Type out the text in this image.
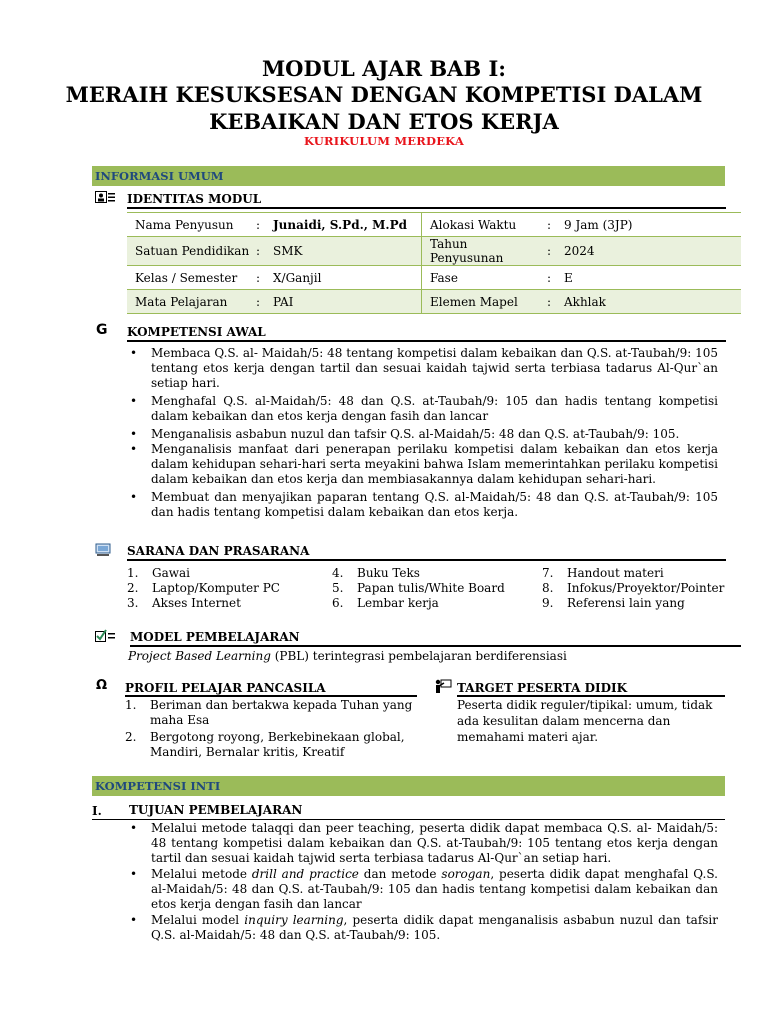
MODUL AJAR BAB I:
MERAIH KESUKSESAN DENGAN KOMPETISI DALAM
KEBAIKAN DAN ETOS KERJA
KURIKULUM MERDEKA
INFORMASI UMUM
IDENTITAS MODUL
Nama Penyusun	:	Junaidi, S.Pd., M.Pd	Alokasi Waktu	:	9 Jam (3JP)
Satuan Pendidikan	:	SMK	Tahun Penyusunan	:	2024
Kelas / Semester	:	X/Ganjil	Fase	:	E
Mata Pelajaran	:	PAI	Elemen Mapel	:	Akhlak
G KOMPETENSI AWAL
• Membaca Q.S. al- Maidah/5: 48 tentang kompetisi dalam kebaikan dan Q.S. at-Taubah/9: 105 tentang etos kerja dengan tartil dan sesuai kaidah tajwid serta terbiasa tadarus Al-Qur`an setiap hari.
• Menghafal Q.S. al-Maidah/5: 48 dan Q.S. at-Taubah/9: 105 dan hadis tentang kompetisi dalam kebaikan dan etos kerja dengan fasih dan lancar
• Menganalisis asbabun nuzul dan tafsir Q.S. al-Maidah/5: 48 dan Q.S. at-Taubah/9: 105.
• Menganalisis manfaat dari penerapan perilaku kompetisi dalam kebaikan dan etos kerja dalam kehidupan sehari-hari serta meyakini bahwa Islam memerintahkan perilaku kompetisi dalam kebaikan dan etos kerja dan membiasakannya dalam kehidupan sehari-hari.
• Membuat dan menyajikan paparan tentang Q.S. al-Maidah/5: 48 dan Q.S. at-Taubah/9: 105 dan hadis tentang kompetisi dalam kebaikan dan etos kerja.
SARANA DAN PRASARANA
1. Gawai
2. Laptop/Komputer PC
3. Akses Internet
4. Buku Teks
5. Papan tulis/White Board
6. Lembar kerja
7. Handout materi
8. Infokus/Proyektor/Pointer
9. Referensi lain yang
MODEL PEMBELAJARAN
Project Based Learning (PBL) terintegrasi pembelajaran berdiferensiasi
Ω PROFIL PELAJAR PANCASILA
1. Beriman dan bertakwa kepada Tuhan yang maha Esa
2. Bergotong royong, Berkebinekaan global, Mandiri, Bernalar kritis, Kreatif
TARGET PESERTA DIDIK
Peserta didik reguler/tipikal: umum, tidak ada kesulitan dalam mencerna dan memahami materi ajar.
KOMPETENSI INTI
I.	TUJUAN PEMBELAJARAN
• Melalui metode talaqqi dan peer teaching, peserta didik dapat membaca Q.S. al- Maidah/5: 48 tentang kompetisi dalam kebaikan dan Q.S. at-Taubah/9: 105 tentang etos kerja dengan tartil dan sesuai kaidah tajwid serta terbiasa tadarus Al-Qur`an setiap hari.
• Melalui metode drill and practice dan metode sorogan, peserta didik dapat menghafal Q.S. al-Maidah/5: 48 dan Q.S. at-Taubah/9: 105 dan hadis tentang kompetisi dalam kebaikan dan etos kerja dengan fasih dan lancar
• Melalui model inquiry learning, peserta didik dapat menganalisis asbabun nuzul dan tafsir Q.S. al-Maidah/5: 48 dan Q.S. at-Taubah/9: 105.
